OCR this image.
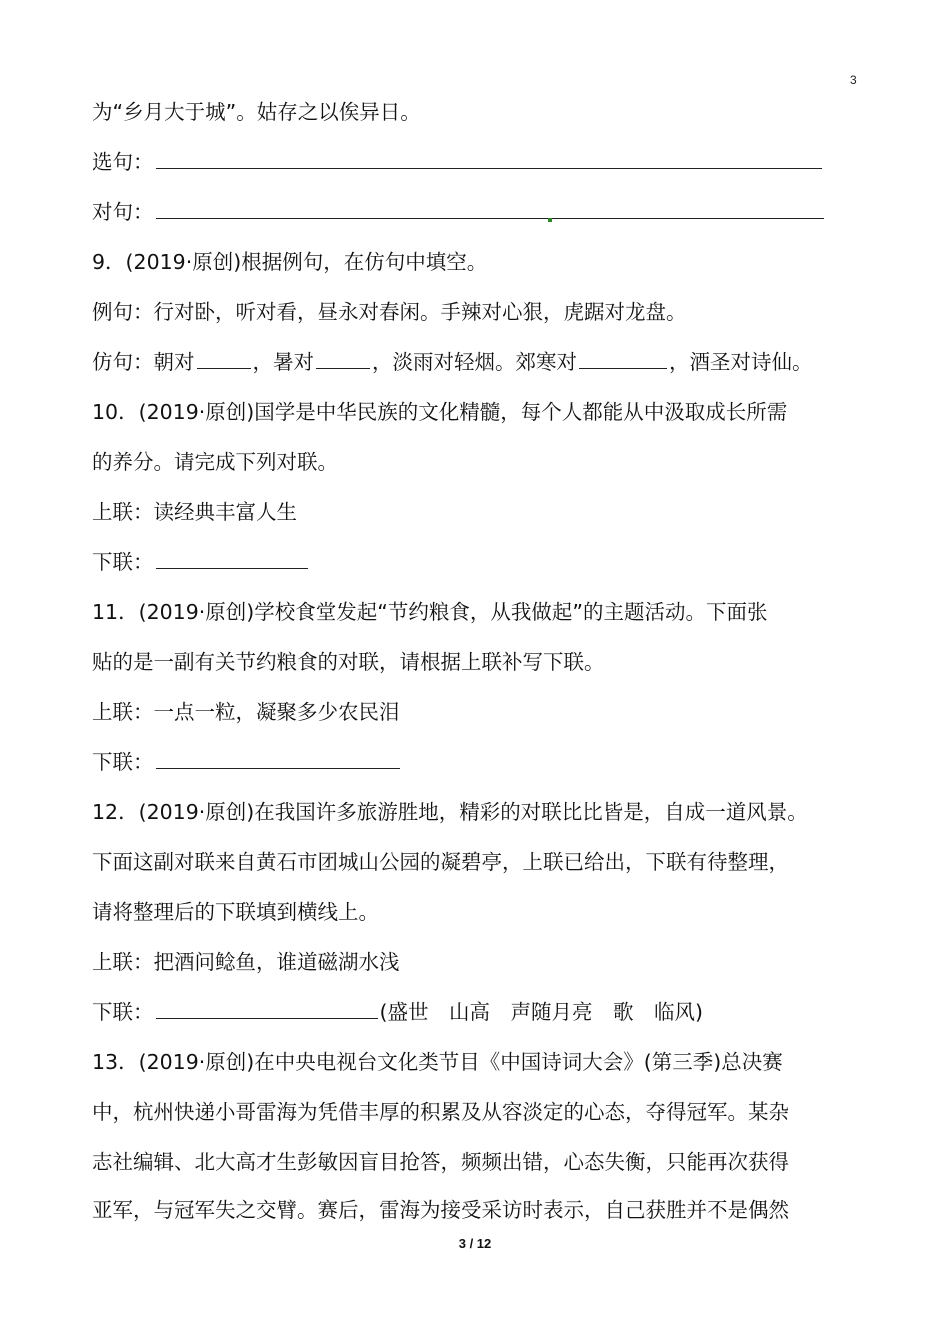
3
为“乡月大于城”。姑存之以俟异日。
选句：
对句：
9．(2019·原创)根据例句，在仿句中填空。
例句：行对卧，听对看，昼永对春闲。手辣对心狠，虎踞对龙盘。
仿句：朝对	，暑对	，淡雨对轻烟。郊寒对	，酒圣对诗仙。
10．(2019·原创)国学是中华民族的文化精髓，每个人都能从中汲取成长所需
的养分。请完成下列对联。
上联：读经典丰富人生
下联：
11．(2019·原创)学校食堂发起“节约粮食，从我做起”的主题活动。下面张
贴的是一副有关节约粮食的对联，请根据上联补写下联。
上联：一点一粒，凝聚多少农民泪
下联：
12．(2019·原创)在我国许多旅游胜地，精彩的对联比比皆是，自成一道风景。
下面这副对联来自黄石市团城山公园的凝碧亭，上联已给出，下联有待整理，
请将整理后的下联填到横线上。
上联：把酒问鲶鱼，谁道磁湖水浅
下联：	(盛世　山高　声随月亮　歌　临风)
13．(2019·原创)在中央电视台文化类节目《中国诗词大会》(第三季)总决赛
中，杭州快递小哥雷海为凭借丰厚的积累及从容淡定的心态，夺得冠军。某杂
志社编辑、北大高才生彭敏因盲目抢答，频频出错，心态失衡，只能再次获得
亚军，与冠军失之交臂。赛后，雷海为接受采访时表示，自己获胜并不是偶然
3 / 12
